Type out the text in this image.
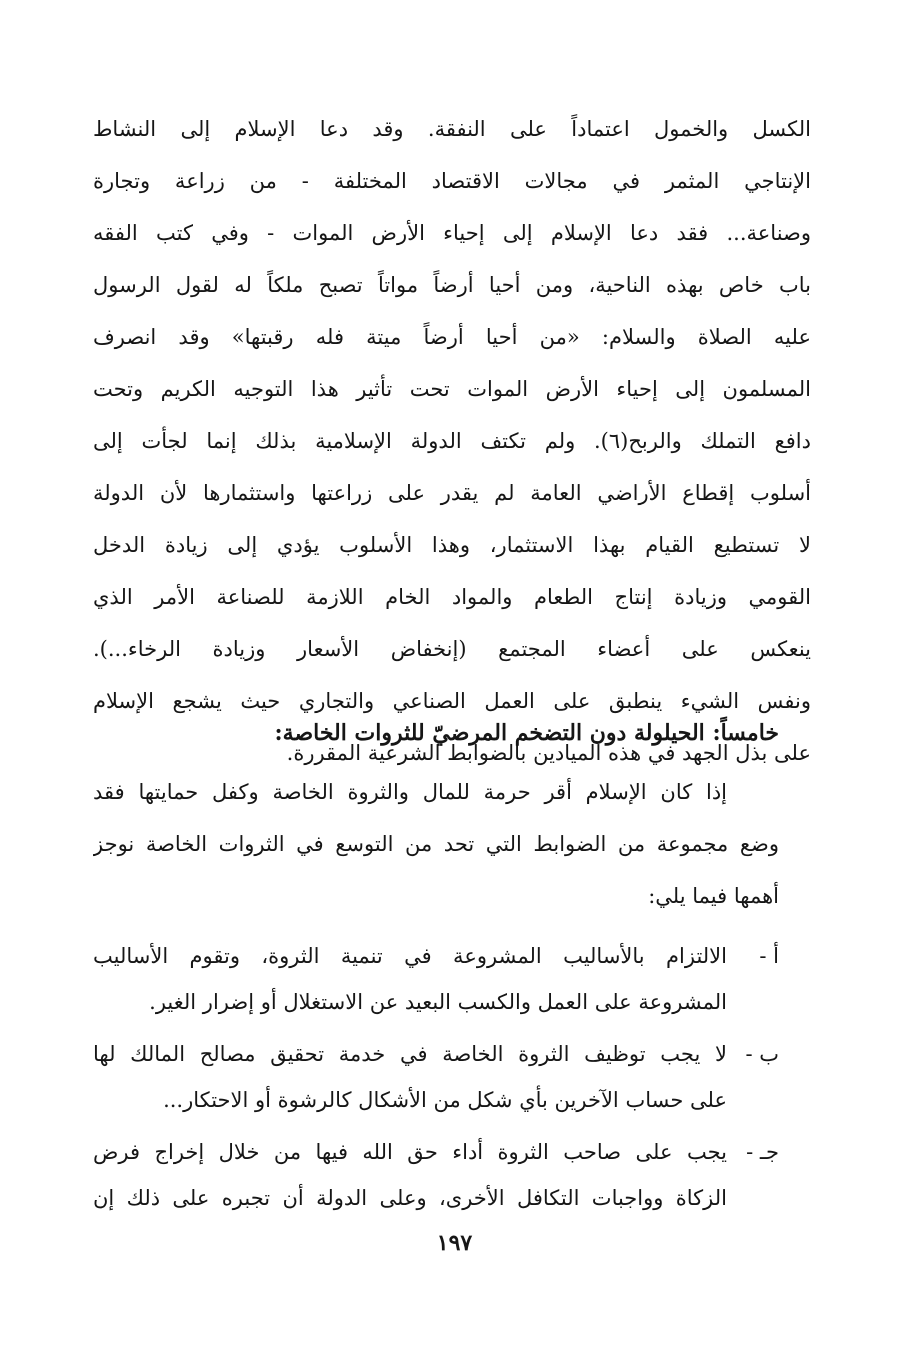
الكسل والخمول اعتماداً على النفقة. وقد دعا الإسلام إلى النشاط
الإنتاجي المثمر في مجالات الاقتصاد المختلفة - من زراعة وتجارة
وصناعة... فقد دعا الإسلام إلى إحياء الأرض الموات - وفي كتب الفقه
باب خاص بهذه الناحية، ومن أحيا أرضاً مواتاً تصبح ملكاً له لقول الرسول
عليه الصلاة والسلام: «من أحيا أرضاً ميتة فله رقبتها» وقد انصرف
المسلمون إلى إحياء الأرض الموات تحت تأثير هذا التوجيه الكريم وتحت
دافع التملك والربح(٦). ولم تكتف الدولة الإسلامية بذلك إنما لجأت إلى
أسلوب إقطاع الأراضي العامة لم يقدر على زراعتها واستثمارها لأن الدولة
لا تستطيع القيام بهذا الاستثمار، وهذا الأسلوب يؤدي إلى زيادة الدخل
القومي وزيادة إنتاج الطعام والمواد الخام اللازمة للصناعة الأمر الذي
ينعكس على أعضاء المجتمع (إنخفاض الأسعار وزيادة الرخاء...).
ونفس الشيء ينطبق على العمل الصناعي والتجاري حيث يشجع الإسلام
على بذل الجهد في هذه الميادين بالضوابط الشرعية المقررة.
خامساً: الحيلولة دون التضخم المرضيّ للثروات الخاصة:
إذا كان الإسلام أقر حرمة للمال والثروة الخاصة وكفل حمايتها فقد
وضع مجموعة من الضوابط التي تحد من التوسع في الثروات الخاصة نوجز
أهمها فيما يلي:
أ -
الالتزام بالأساليب المشروعة في تنمية الثروة، وتقوم الأساليب
المشروعة على العمل والكسب البعيد عن الاستغلال أو إضرار الغير.
ب -
لا يجب توظيف الثروة الخاصة في خدمة تحقيق مصالح المالك لها
على حساب الآخرين بأي شكل من الأشكال كالرشوة أو الاحتكار...
جـ -
يجب على صاحب الثروة أداء حق الله فيها من خلال إخراج فرض
الزكاة وواجبات التكافل الأخرى، وعلى الدولة أن تجبره على ذلك إن
١٩٧
